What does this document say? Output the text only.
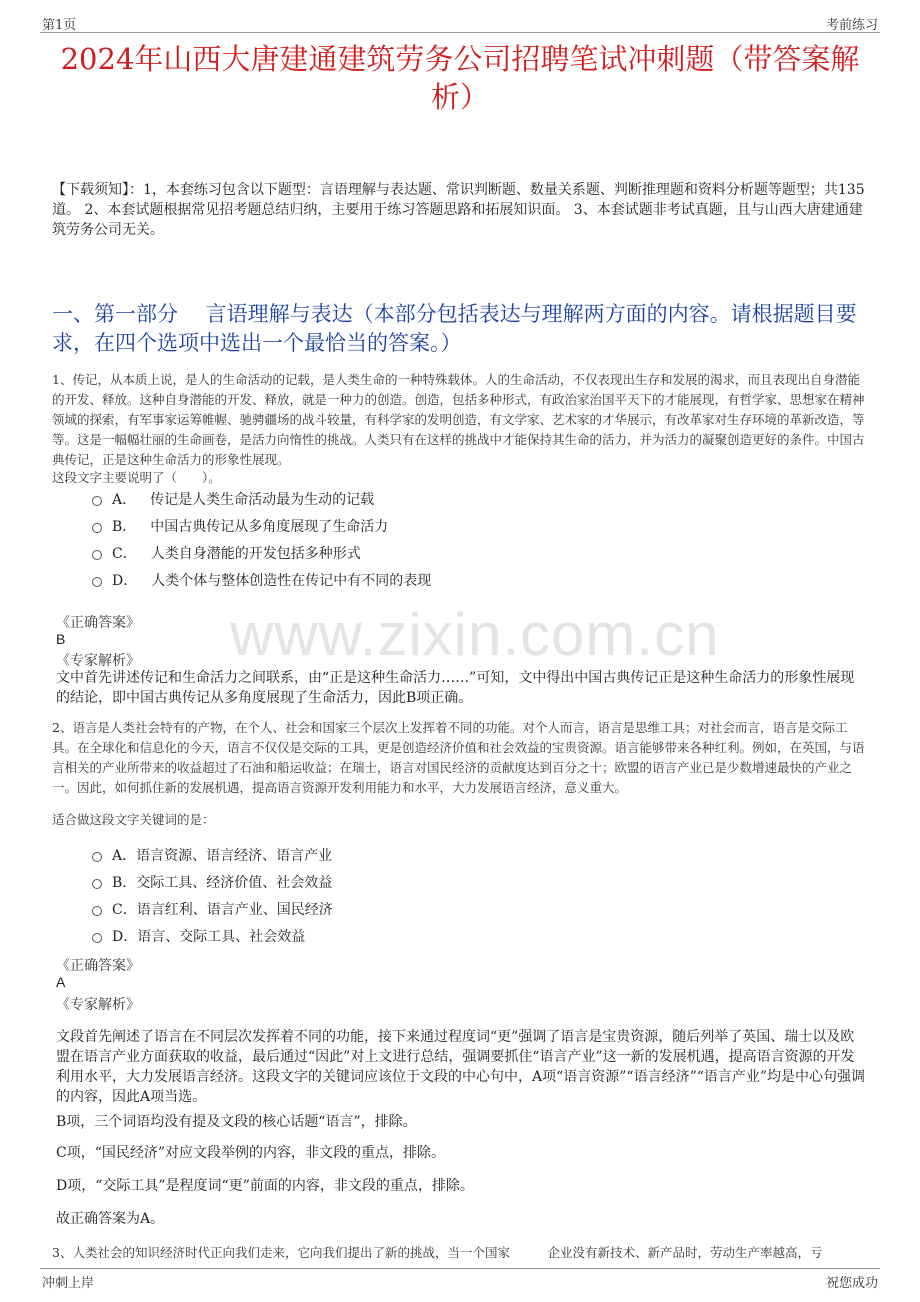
第1页	考前练习
2024年山西大唐建通建筑劳务公司招聘笔试冲刺题（带答案解析）
【下载须知】：1，本套练习包含以下题型：言语理解与表达题、常识判断题、数量关系题、判断推理题和资料分析题等题型；共135道。 2、本套试题根据常见招考题总结归纳，主要用于练习答题思路和拓展知识面。 3、本套试题非考试真题，且与山西大唐建通建筑劳务公司无关。
一、第一部分　 言语理解与表达（本部分包括表达与理解两方面的内容。请根据题目要求，在四个选项中选出一个最恰当的答案。）
www.zixin.com.cn
1、传记，从本质上说，是人的生命活动的记载，是人类生命的一种特殊载体。人的生命活动，不仅表现出生存和发展的渴求，而且表现出自身潜能的开发、释放。这种自身潜能的开发、释放，就是一种力的创造。创造，包括多种形式，有政治家治国平天下的才能展现，有哲学家、思想家在精神领域的探索，有军事家运筹帷幄、驰骋疆场的战斗较量，有科学家的发明创造，有文学家、艺术家的才华展示，有改革家对生存环境的革新改造，等等。这是一幅幅壮丽的生命画卷，是活力向惰性的挑战。人类只有在这样的挑战中才能保持其生命的活力，并为活力的凝聚创造更好的条件。中国古典传记，正是这种生命活力的形象性展现。
这段文字主要说明了（　　）。
A． 传记是人类生命活动最为生动的记载
B． 中国古典传记从多角度展现了生命活力
C． 人类自身潜能的开发包括多种形式
D． 人类个体与整体创造性在传记中有不同的表现
《正确答案》
B
《专家解析》
文中首先讲述传记和生命活力之间联系，由“正是这种生命活力……”可知，文中得出中国古典传记正是这种生命活力的形象性展现的结论，即中国古典传记从多角度展现了生命活力，因此B项正确。
2、语言是人类社会特有的产物，在个人、社会和国家三个层次上发挥着不同的功能。对个人而言，语言是思维工具；对社会而言，语言是交际工具。在全球化和信息化的今天，语言不仅仅是交际的工具，更是创造经济价值和社会效益的宝贵资源。语言能够带来各种红利。例如，在英国，与语言相关的产业所带来的收益超过了石油和船运收益；在瑞士，语言对国民经济的贡献度达到百分之十；欧盟的语言产业已是少数增速最快的产业之一。因此，如何抓住新的发展机遇，提高语言资源开发利用能力和水平，大力发展语言经济，意义重大。
适合做这段文字关键词的是：
A． 语言资源、语言经济、语言产业
B． 交际工具、经济价值、社会效益
C． 语言红利、语言产业、国民经济
D． 语言、交际工具、社会效益
《正确答案》
A
《专家解析》
文段首先阐述了语言在不同层次发挥着不同的功能，接下来通过程度词“更”强调了语言是宝贵资源，随后列举了英国、瑞士以及欧盟在语言产业方面获取的收益，最后通过“因此”对上文进行总结，强调要抓住“语言产业”这一新的发展机遇，提高语言资源的开发利用水平，大力发展语言经济。这段文字的关键词应该位于文段的中心句中，A项“语言资源”“语言经济”“语言产业”均是中心句强调的内容，因此A项当选。
B项，三个词语均没有提及文段的核心话题“语言”，排除。
C项，“国民经济”对应文段举例的内容，非文段的重点，排除。
D项，“交际工具”是程度词“更”前面的内容，非文段的重点，排除。
故正确答案为A。
3、人类社会的知识经济时代正向我们走来，它向我们提出了新的挑战，当一个国家　　　企业没有新技术、新产品时，劳动生产率越高，亏
冲刺上岸	祝您成功
